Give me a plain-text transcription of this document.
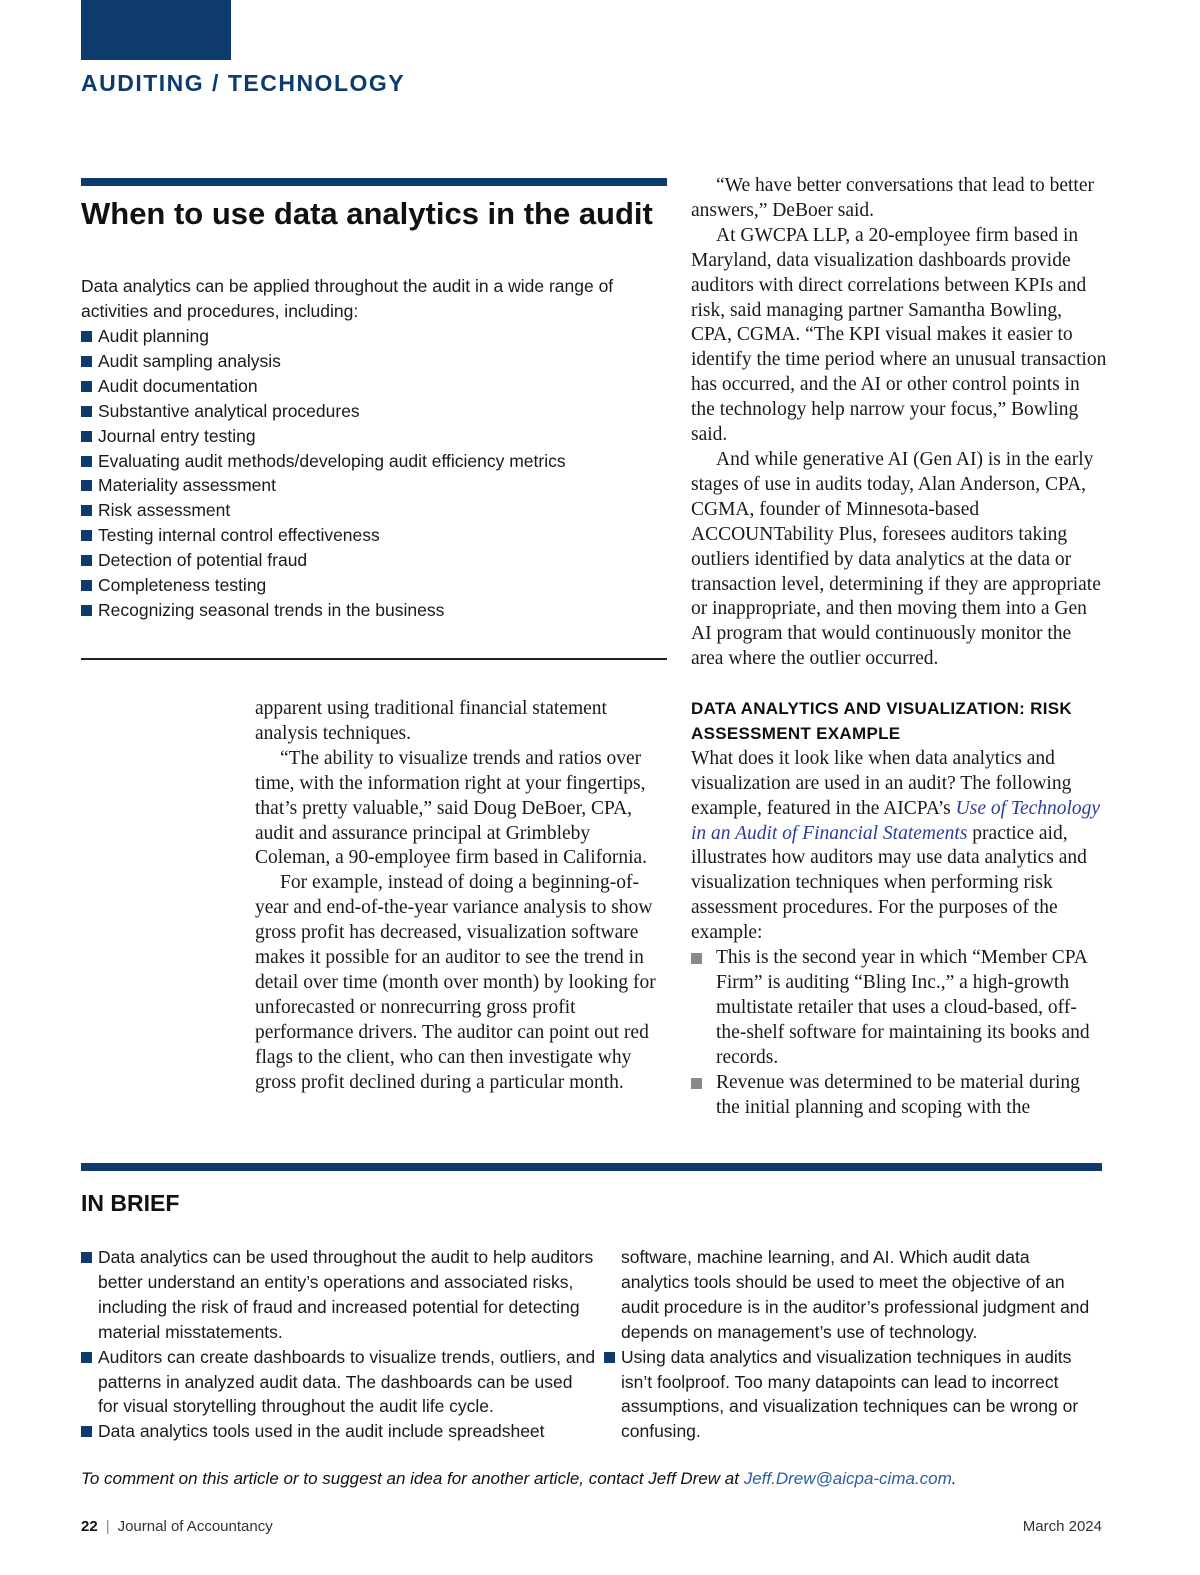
AUDITING / TECHNOLOGY
When to use data analytics in the audit
Data analytics can be applied throughout the audit in a wide range of activities and procedures, including:
Audit planning
Audit sampling analysis
Audit documentation
Substantive analytical procedures
Journal entry testing
Evaluating audit methods/developing audit efficiency metrics
Materiality assessment
Risk assessment
Testing internal control effectiveness
Detection of potential fraud
Completeness testing
Recognizing seasonal trends in the business

apparent using traditional financial statement analysis techniques.

“The ability to visualize trends and ratios over time, with the information right at your fingertips, that’s pretty valuable,” said Doug DeBoer, CPA, audit and assurance principal at Grimbleby Coleman, a 90-employee firm based in California.

For example, instead of doing a beginning-of-year and end-of-the-year variance analysis to show gross profit has decreased, visualization software makes it possible for an auditor to see the trend in detail over time (month over month) by looking for unforecasted or nonrecurring gross profit performance drivers. The auditor can point out red flags to the client, who can then investigate why gross profit declined during a particular month.

“We have better conversations that lead to better answers,” DeBoer said.

At GWCPA LLP, a 20-employee firm based in Maryland, data visualization dashboards provide auditors with direct correlations between KPIs and risk, said managing partner Samantha Bowling, CPA, CGMA. “The KPI visual makes it easier to identify the time period where an unusual transaction has occurred, and the AI or other control points in the technology help narrow your focus,” Bowling said.

And while generative AI (Gen AI) is in the early stages of use in audits today, Alan Anderson, CPA, CGMA, founder of Minnesota-based ACCOUNTability Plus, foresees auditors taking outliers identified by data analytics at the data or transaction level, determining if they are appropriate or inappropriate, and then moving them into a Gen AI program that would continuously monitor the area where the outlier occurred.

DATA ANALYTICS AND VISUALIZATION: RISK ASSESSMENT EXAMPLE

What does it look like when data analytics and visualization are used in an audit? The following example, featured in the AICPA’s Use of Technology in an Audit of Financial Statements practice aid, illustrates how auditors may use data analytics and visualization techniques when performing risk assessment procedures. For the purposes of the example:

This is the second year in which “Member CPA Firm” is auditing “Bling Inc.,” a high-growth multistate retailer that uses a cloud-based, off-the-shelf software for maintaining its books and records.

Revenue was determined to be material during the initial planning and scoping with the

IN BRIEF

Data analytics can be used throughout the audit to help auditors better understand an entity’s operations and associated risks, including the risk of fraud and increased potential for detecting material misstatements.

Auditors can create dashboards to visualize trends, outliers, and patterns in analyzed audit data. The dashboards can be used for visual storytelling throughout the audit life cycle.

Data analytics tools used in the audit include spreadsheet

software, machine learning, and AI. Which audit data analytics tools should be used to meet the objective of an audit procedure is in the auditor’s professional judgment and depends on management’s use of technology.

Using data analytics and visualization techniques in audits isn’t foolproof. Too many datapoints can lead to incorrect assumptions, and visualization techniques can be wrong or confusing.

To comment on this article or to suggest an idea for another article, contact Jeff Drew at Jeff.Drew@aicpa-cima.com.
22 | Journal of Accountancy	March 2024
